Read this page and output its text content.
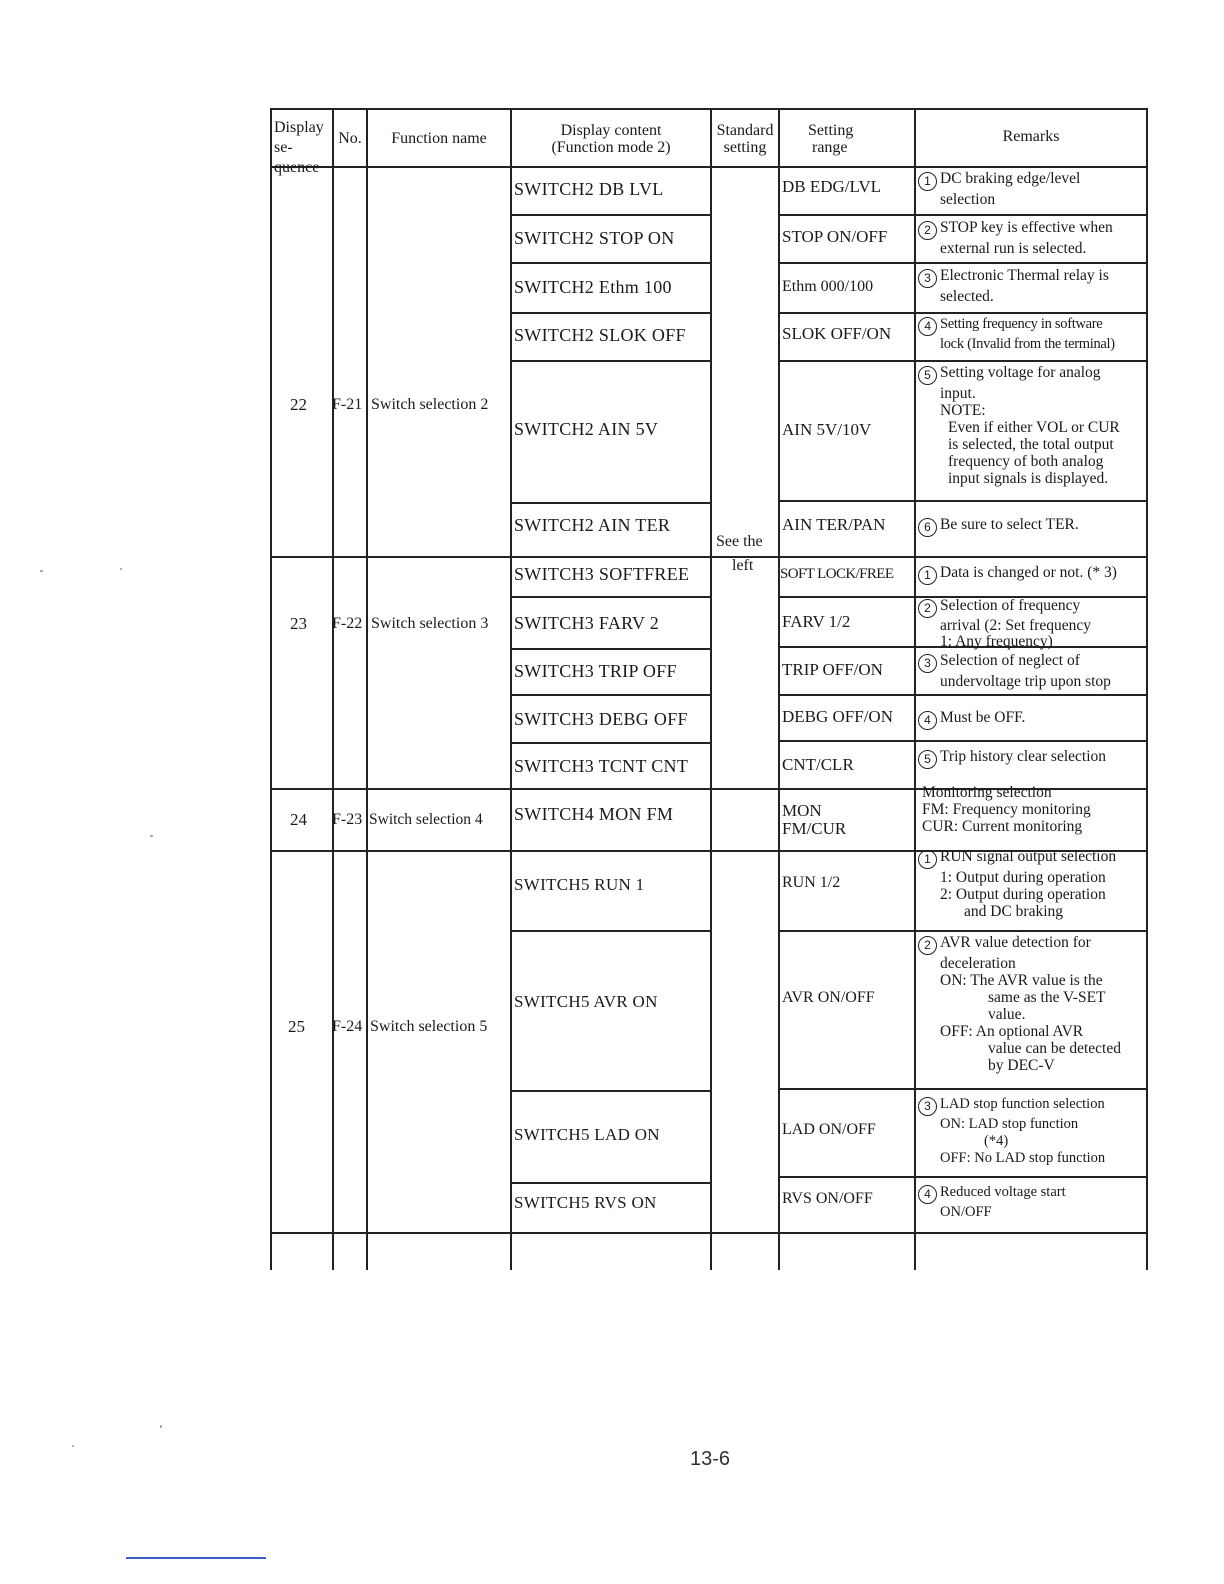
Display
se-
quence
No.	Function name	Display content
(Function mode 2)
Standard
setting
Setting
range
Remarks
22 F-21 Switch selection 2
23 F-22 Switch selection 3
24 F-23 Switch selection 4
25 F-24 Switch selection 5
See the
left
SWITCH2 DB LVL
SWITCH2 STOP ON
SWITCH2 Ethm 100
SWITCH2 SLOK OFF
SWITCH2 AIN 5V
SWITCH2 AIN TER
SWITCH3 SOFTFREE
SWITCH3 FARV 2
SWITCH3 TRIP OFF
SWITCH3 DEBG OFF
SWITCH3 TCNT CNT
SWITCH4 MON FM
SWITCH5 RUN 1
SWITCH5 AVR ON
SWITCH5 LAD ON
SWITCH5 RVS ON
DB EDG/LVL
STOP ON/OFF
Ethm 000/100
SLOK OFF/ON
AIN 5V/10V
AIN TER/PAN
SOFT LOCK/FREE
FARV 1/2
TRIP OFF/ON
DEBG OFF/ON
CNT/CLR
MON
FM/CUR
RUN 1/2
AVR ON/OFF
LAD ON/OFF
RVS ON/OFF
1 DC braking edge/level
selection
2 STOP key is effective when
external run is selected.
3 Electronic Thermal relay is
selected.
4 Setting frequency in software
lock (Invalid from the terminal)
5 Setting voltage for analog
input.
NOTE:
Even if either VOL or CUR
is selected, the total output
frequency of both analog
input signals is displayed.
6 Be sure to select TER.
1 Data is changed or not. (* 3)
2 Selection of frequency
arrival (2: Set frequency
1: Any frequency)
3 Selection of neglect of
undervoltage trip upon stop
4 Must be OFF.
5 Trip history clear selection
Monitoring selection
FM: Frequency monitoring
CUR: Current monitoring
1 RUN signal output selection
1: Output during operation
2: Output during operation
and DC braking
2 AVR value detection for
deceleration
ON: The AVR value is the
same as the V-SET
value.
OFF: An optional AVR
value can be detected
by DEC-V
3 LAD stop function selection
ON: LAD stop function
(*4)
OFF: No LAD stop function
4 Reduced voltage start
ON/OFF
13-6
